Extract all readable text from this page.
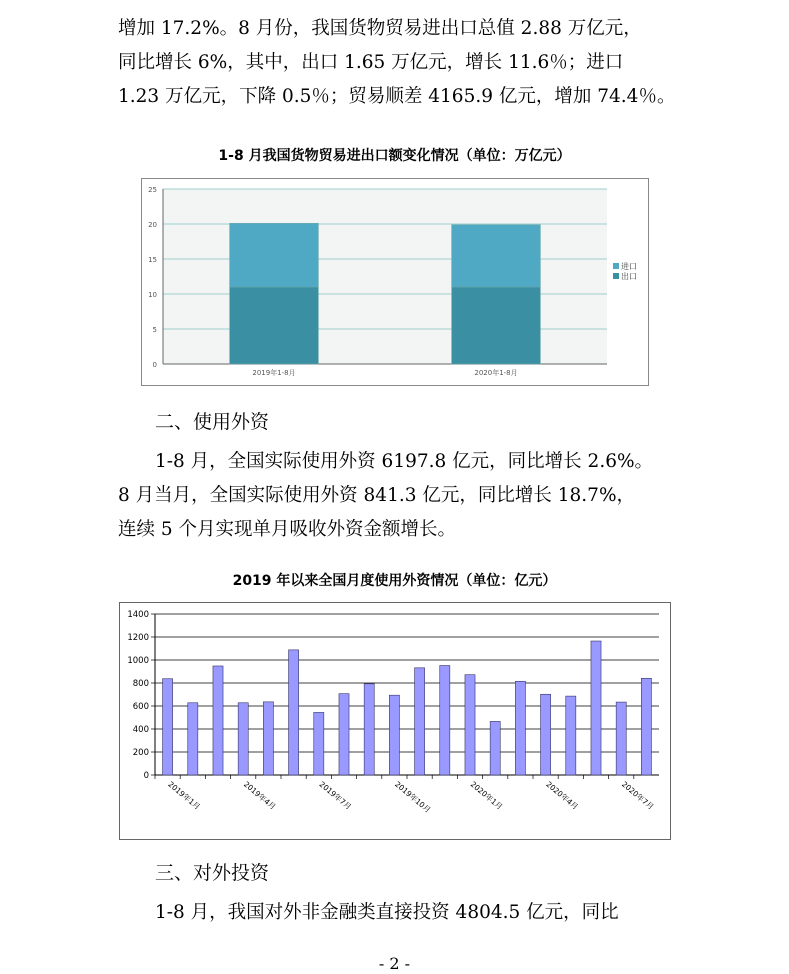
增加 17.2%。8 月份，我国货物贸易进出口总值 2.88 万亿元，
同比增长 6%，其中，出口 1.65 万亿元，增长 11.6％；进口
1.23 万亿元，下降 0.5％；贸易顺差 4165.9 亿元，增加 74.4％。
1-8 月我国货物贸易进出口额变化情况（单位：万亿元）
0
5
10
15
20
25
2019年1-8月	2020年1-8月
进口
出口
二、使用外资
1-8 月，全国实际使用外资 6197.8 亿元，同比增长 2.6%。
8 月当月，全国实际使用外资 841.3 亿元，同比增长 18.7%，
连续 5 个月实现单月吸收外资金额增长。
2019 年以来全国月度使用外资情况（单位：亿元）
0
200
400
600
800
1000
1200
1400
2019年1月	2019年4月	2019年7月	2019年10月	2020年1月	2020年4月	2020年7月
三、对外投资
1-8 月，我国对外非金融类直接投资 4804.5 亿元，同比
- 2 -
